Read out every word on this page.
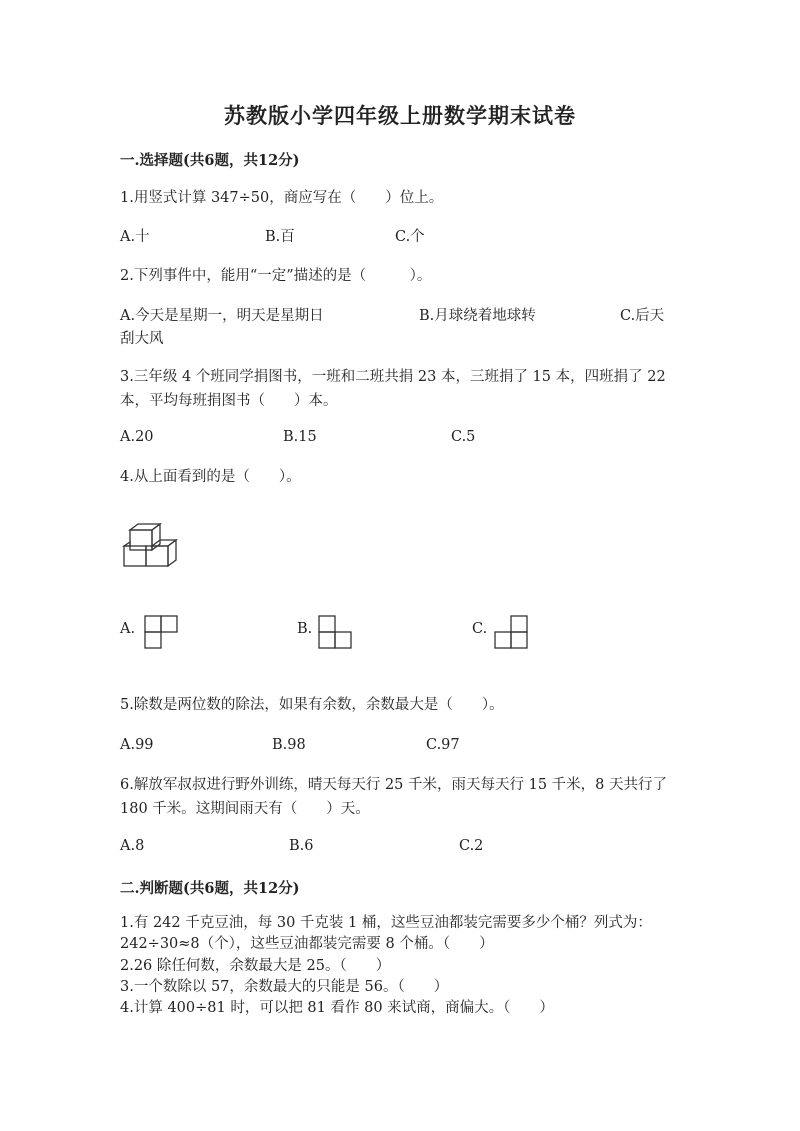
苏教版小学四年级上册数学期末试卷
一.选择题(共6题，共12分)
1.用竖式计算 347÷50，商应写在（　　）位上。
A.十	B.百	C.个
2.下列事件中，能用“一定”描述的是（　　　）。
A.今天是星期一，明天是星期日	B.月球绕着地球转	C.后天
刮大风
3.三年级 4 个班同学捐图书，一班和二班共捐 23 本，三班捐了 15 本，四班捐了 22 本，平均每班捐图书（　　）本。
A.20	B.15	C.5
4.从上面看到的是（　　）。
A.	B.	C.
5.除数是两位数的除法，如果有余数，余数最大是（　　）。
A.99	B.98	C.97
6.解放军叔叔进行野外训练，晴天每天行 25 千米，雨天每天行 15 千米，8 天共行了 180 千米。这期间雨天有（　　）天。
A.8	B.6	C.2
二.判断题(共6题，共12分)
1.有 242 千克豆油，每 30 千克装 1 桶，这些豆油都装完需要多少个桶？列式为：242÷30≈8（个），这些豆油都装完需要 8 个桶。（　　）
2.26 除任何数，余数最大是 25。（　　）
3.一个数除以 57，余数最大的只能是 56。（　　）
4.计算 400÷81 时，可以把 81 看作 80 来试商，商偏大。（　　）
